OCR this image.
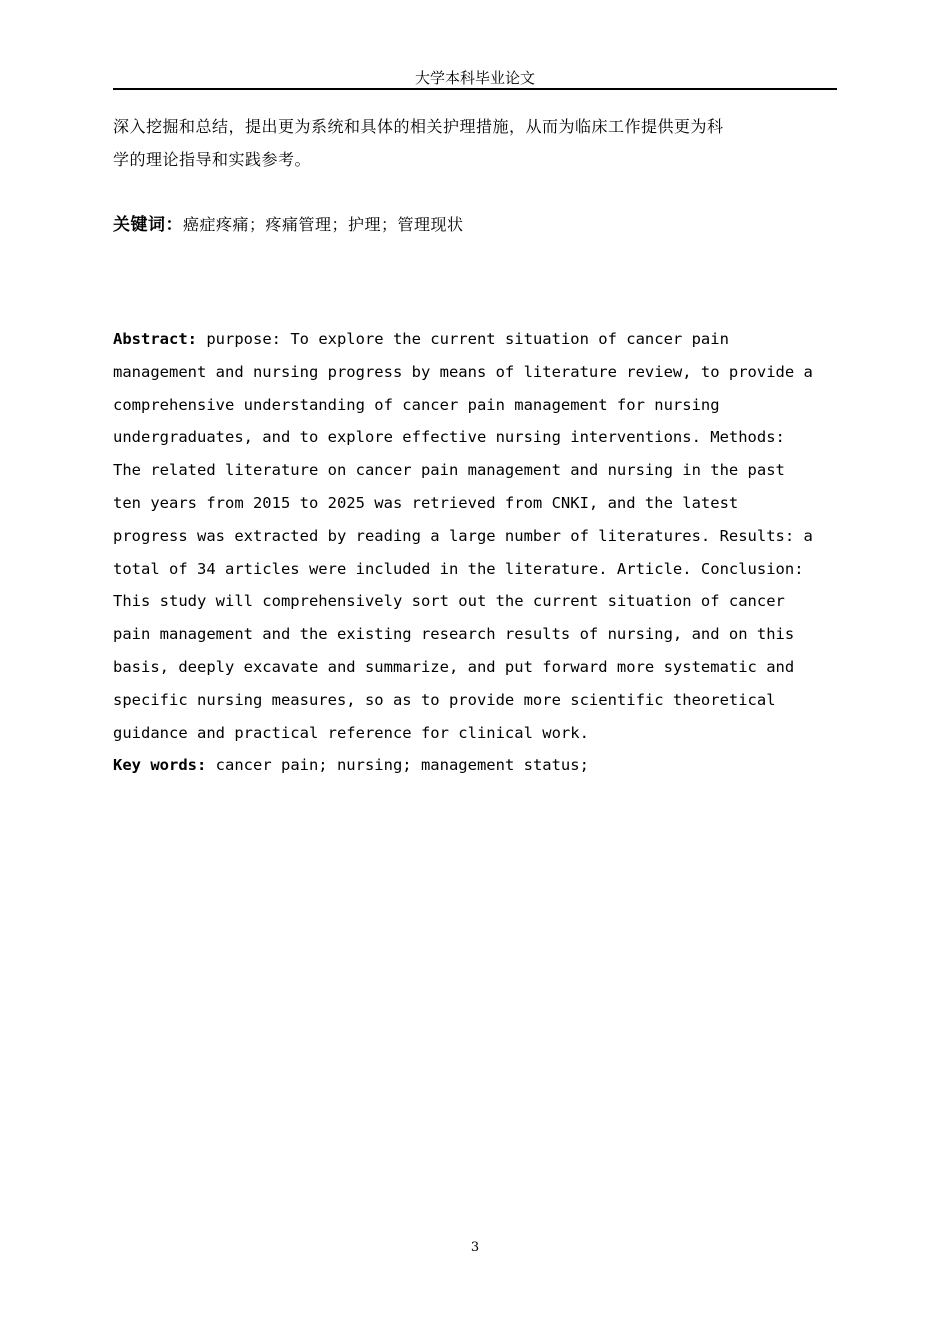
大学本科毕业论文
深入挖掘和总结，提出更为系统和具体的相关护理措施，从而为临床工作提供更为科
学的理论指导和实践参考。
关键词：癌症疼痛；疼痛管理；护理；管理现状
Abstract: purpose: To explore the current situation of cancer pain
management and nursing progress by means of literature review, to provide a
comprehensive understanding of cancer pain management for nursing
undergraduates, and to explore effective nursing interventions. Methods:
The related literature on cancer pain management and nursing in the past
ten years from 2015 to 2025 was retrieved from CNKI, and the latest
progress was extracted by reading a large number of literatures. Results: a
total of 34 articles were included in the literature. Article. Conclusion:
This study will comprehensively sort out the current situation of cancer
pain management and the existing research results of nursing, and on this
basis, deeply excavate and summarize, and put forward more systematic and
specific nursing measures, so as to provide more scientific theoretical
guidance and practical reference for clinical work.
Key words: cancer pain; nursing; management status;
3
